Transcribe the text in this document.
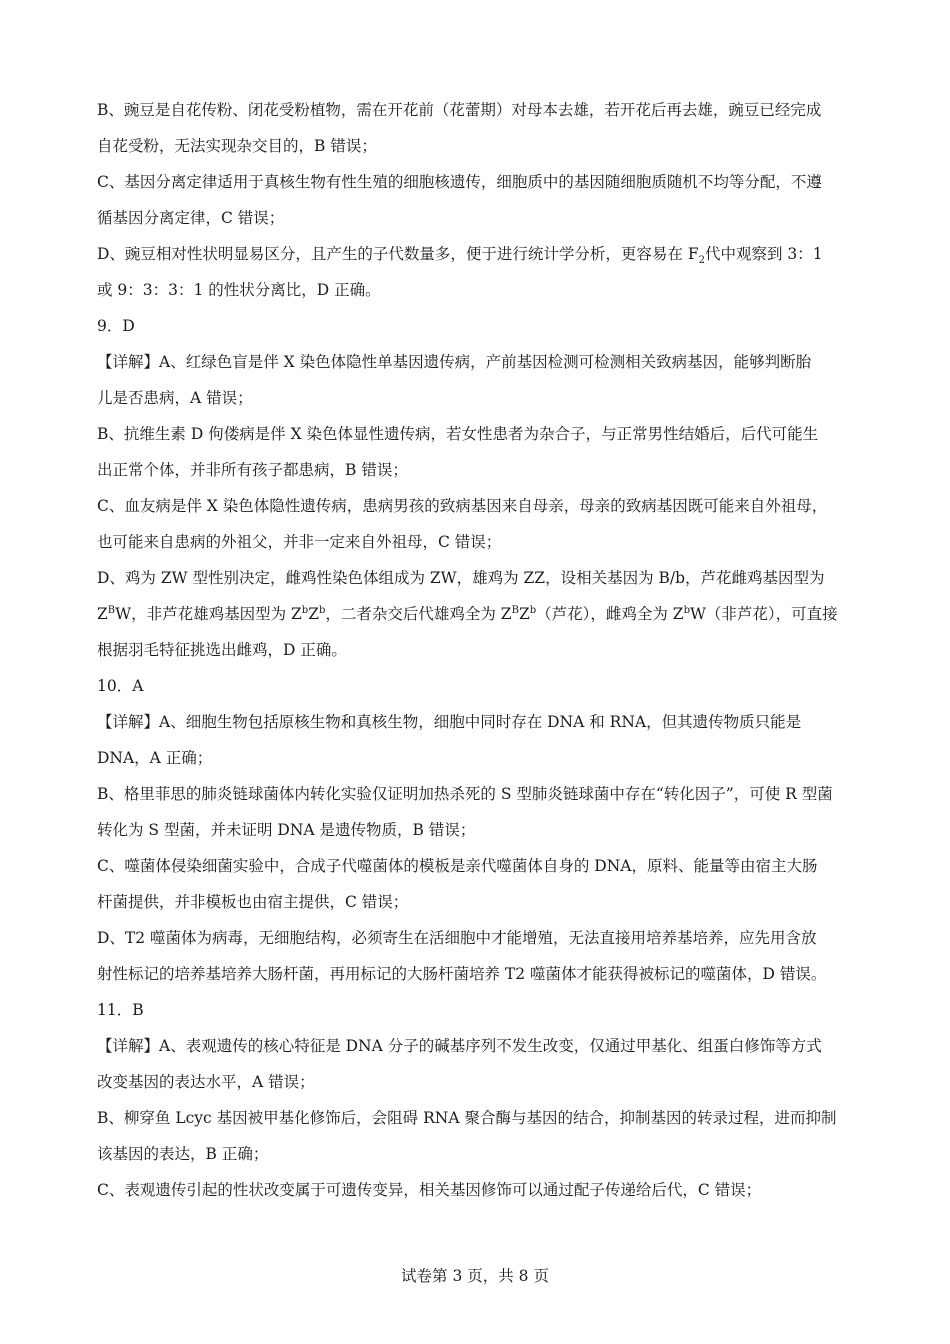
B、豌豆是自花传粉、闭花受粉植物，需在开花前（花蕾期）对母本去雄，若开花后再去雄，豌豆已经完成
自花受粉，无法实现杂交目的，B 错误；
C、基因分离定律适用于真核生物有性生殖的细胞核遗传，细胞质中的基因随细胞质随机不均等分配，不遵
循基因分离定律，C 错误；
D、豌豆相对性状明显易区分，且产生的子代数量多，便于进行统计学分析，更容易在 $F_2$代中观察到 3：1
或 9：3：3：1 的性状分离比，D 正确。
9．D
【详解】A、红绿色盲是伴 X 染色体隐性单基因遗传病，产前基因检测可检测相关致病基因，能够判断胎
儿是否患病，A 错误；
B、抗维生素 D 佝偻病是伴 X 染色体显性遗传病，若女性患者为杂合子，与正常男性结婚后，后代可能生
出正常个体，并非所有孩子都患病，B 错误；
C、血友病是伴 X 染色体隐性遗传病，患病男孩的致病基因来自母亲，母亲的致病基因既可能来自外祖母，
也可能来自患病的外祖父，并非一定来自外祖母，C 错误；
D、鸡为 ZW 型性别决定，雌鸡性染色体组成为 ZW，雄鸡为 ZZ，设相关基因为 B/b，芦花雌鸡基因型为
$Z^BW$，非芦花雄鸡基因型为 $Z^bZ^b$，二者杂交后代雄鸡全为 $Z^BZ^b$（芦花），雌鸡全为 $Z^bW$（非芦花），可直接
根据羽毛特征挑选出雌鸡，D 正确。
10．A
【详解】A、细胞生物包括原核生物和真核生物，细胞中同时存在 DNA 和 RNA，但其遗传物质只能是
DNA，A 正确；
B、格里菲思的肺炎链球菌体内转化实验仅证明加热杀死的 S 型肺炎链球菌中存在“转化因子”，可使 R 型菌
转化为 S 型菌，并未证明 DNA 是遗传物质，B 错误；
C、噬菌体侵染细菌实验中，合成子代噬菌体的模板是亲代噬菌体自身的 DNA，原料、能量等由宿主大肠
杆菌提供，并非模板也由宿主提供，C 错误；
D、T2 噬菌体为病毒，无细胞结构，必须寄生在活细胞中才能增殖，无法直接用培养基培养，应先用含放
射性标记的培养基培养大肠杆菌，再用标记的大肠杆菌培养 T2 噬菌体才能获得被标记的噬菌体，D 错误。
11．B
【详解】A、表观遗传的核心特征是 DNA 分子的碱基序列不发生改变，仅通过甲基化、组蛋白修饰等方式
改变基因的表达水平，A 错误；
B、柳穿鱼 Lcyc 基因被甲基化修饰后，会阻碍 RNA 聚合酶与基因的结合，抑制基因的转录过程，进而抑制
该基因的表达，B 正确；
C、表观遗传引起的性状改变属于可遗传变异，相关基因修饰可以通过配子传递给后代，C 错误；
试卷第 3 页，共 8 页
